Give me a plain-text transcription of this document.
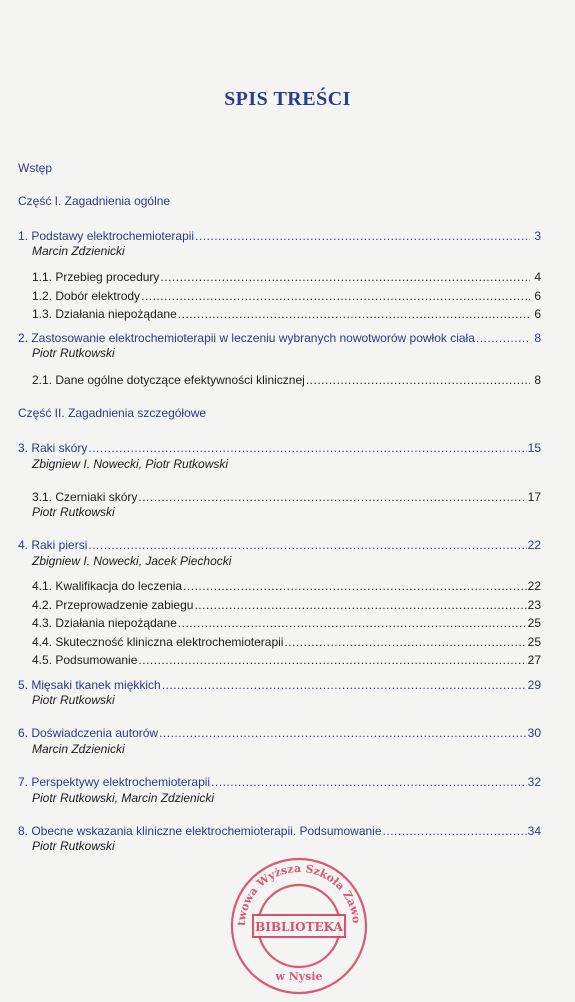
SPIS TREŚCI
Wstęp
Część I. Zagadnienia ogólne
1. Podstawy elektrochemioterapii .....	3
Marcin Zdzienicki
1.1. Przebieg procedury .....	4
1.2. Dobór elektrody .....	6
1.3. Działania niepożądane .....	6
2. Zastosowanie elektrochemioterapii w leczeniu wybranych nowotworów powłok ciała .....	8
Piotr Rutkowski
2.1. Dane ogólne dotyczące efektywności klinicznej .....	8
Część II. Zagadnienia szczegółowe
3. Raki skóry .....	15
Zbigniew I. Nowecki, Piotr Rutkowski
3.1. Czerniaki skóry .....	17
Piotr Rutkowski
4. Raki piersi .....	22
Zbigniew I. Nowecki, Jacek Piechocki
4.1. Kwalifikacja do leczenia .....	22
4.2. Przeprowadzenie zabiegu .....	23
4.3. Działania niepożądane .....	25
4.4. Skuteczność kliniczna elektrochemioterapii .....	25
4.5. Podsumowanie .....	27
5. Mięsaki tkanek miękkich .....	29
Piotr Rutkowski
6. Doświadczenia autorów .....	30
Marcin Zdzienicki
7. Perspektywy elektrochemioterapii .....	32
Piotr Rutkowski, Marcin Zdzienicki
8. Obecne wskazania kliniczne elektrochemioterapii. Podsumowanie .....	34
Piotr Rutkowski
twowa Wyższa Szkoła Zawo
BIBLIOTEKA
w Nysie
